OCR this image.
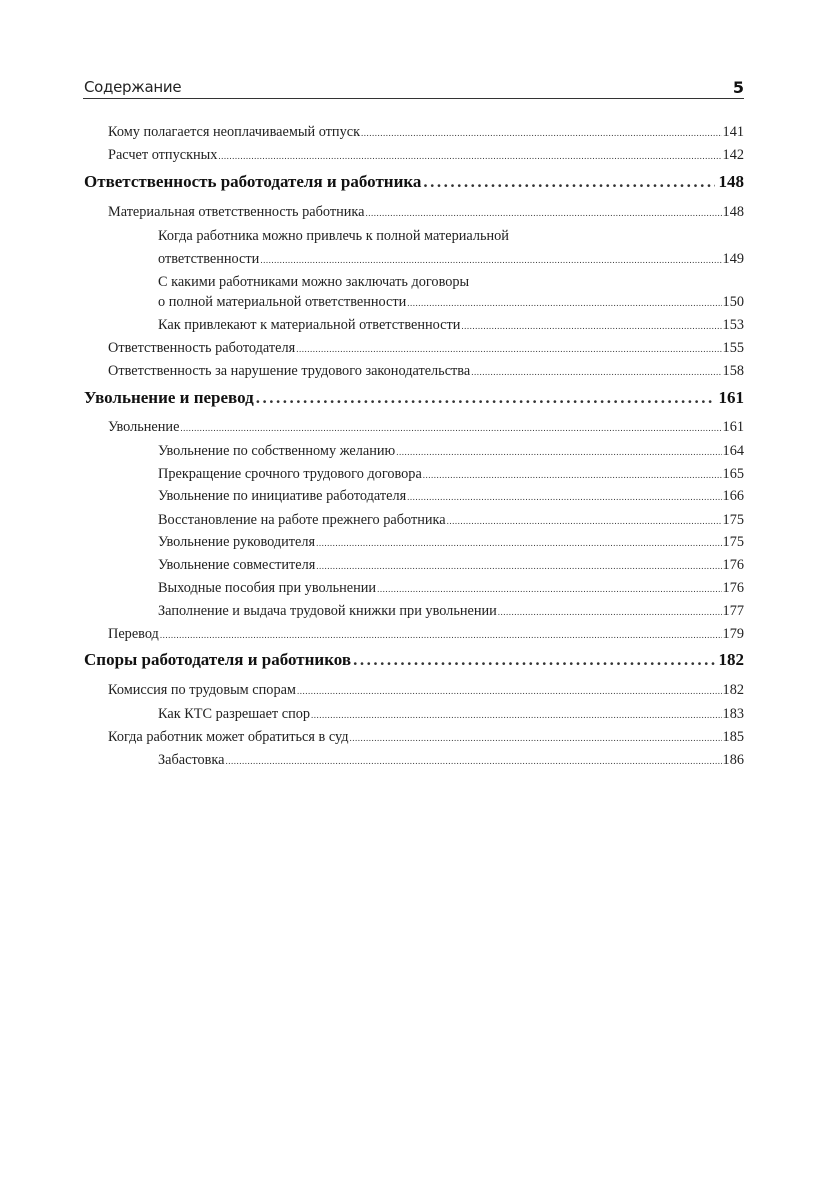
Содержание	5
Кому полагается неоплачиваемый отпуск .....	141
Расчет отпускных .....	142
Ответственность работодателя и работника .....	148
Материальная ответственность работника .....	148
Когда работника можно привлечь к полной материальной
ответственности .....	149
С какими работниками можно заключать договоры
о полной материальной ответственности .....	150
Как привлекают к материальной ответственности .....	153
Ответственность работодателя .....	155
Ответственность за нарушение трудового законодательства .....	158
Увольнение и перевод .....	161
Увольнение .....	161
Увольнение по собственному желанию .....	164
Прекращение срочного трудового договора .....	165
Увольнение по инициативе работодателя .....	166
Восстановление на работе прежнего работника .....	175
Увольнение руководителя .....	175
Увольнение совместителя .....	176
Выходные пособия при увольнении .....	176
Заполнение и выдача трудовой книжки при увольнении .....	177
Перевод .....	179
Споры работодателя и работников .....	182
Комиссия по трудовым спорам .....	182
Как КТС разрешает спор .....	183
Когда работник может обратиться в суд .....	185
Забастовка .....	186
